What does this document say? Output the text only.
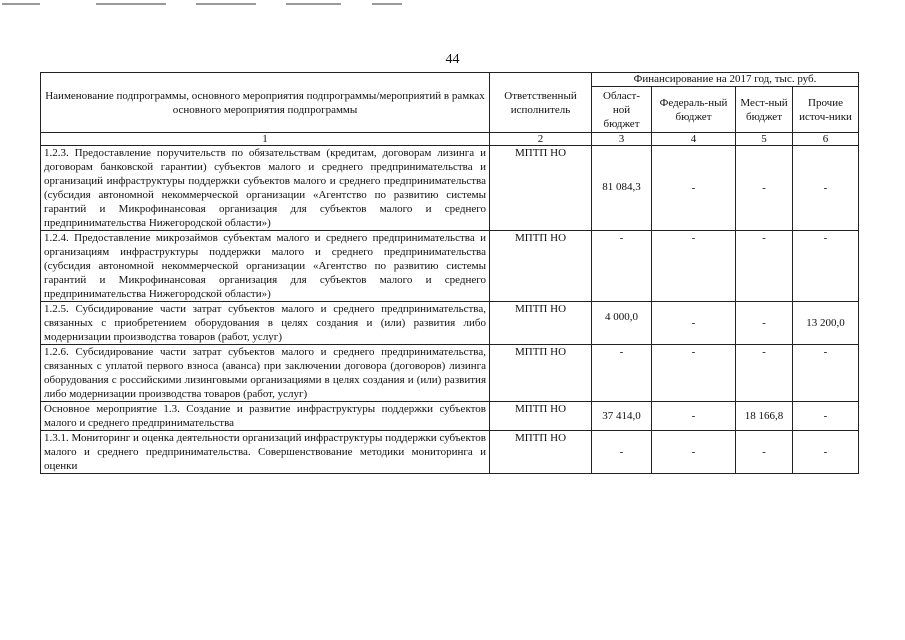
44
Наименование подпрограммы, основного мероприятия подпрограммы/мероприятий в рамках основного мероприятия подпрограммы	Ответственный исполнитель	Финансирование на 2017 год, тыс. руб.			
		Област-ной бюджет	Федераль-ный бюджет	Мест-ный бюджет	Прочие источ-ники
1	2	3	4	5	6
1.2.3. Предоставление поручительств по обязательствам (кредитам, договорам лизинга и договорам банковской гарантии) субъектов малого и среднего предпринимательства и организаций инфраструктуры поддержки субъектов малого и среднего предпринимательства (субсидия автономной некоммерческой организации «Агентство по развитию системы гарантий и Микрофинансовая организация для субъектов малого и среднего предпринимательства Нижегородской области»)	МПТП НО	81 084,3	-	-	-
1.2.4. Предоставление микрозаймов субъектам малого и среднего предпринимательства и организациям инфраструктуры поддержки малого и среднего предпринимательства (субсидия автономной некоммерческой организации «Агентство по развитию системы гарантий и Микрофинансовая организация для субъектов малого и среднего предпринимательства Нижегородской области»)	МПТП НО	-	-	-	-
1.2.5. Субсидирование части затрат субъектов малого и среднего предпринимательства, связанных с приобретением оборудования в целях создания и (или) развития либо модернизации производства товаров (работ, услуг)	МПТП НО	4 000,0	-	-	13 200,0
1.2.6. Субсидирование части затрат субъектов малого и среднего предпринимательства, связанных с уплатой первого взноса (аванса) при заключении договора (договоров) лизинга оборудования с российскими лизинговыми организациями в целях создания и (или) развития либо модернизации производства товаров (работ, услуг)	МПТП НО	-	-	-	-
Основное мероприятие 1.3. Создание и развитие инфраструктуры поддержки субъектов малого и среднего предпринимательства	МПТП НО	37 414,0	-	18 166,8	-
1.3.1. Мониторинг и оценка деятельности организаций инфраструктуры поддержки субъектов малого и среднего предпринимательства. Совершенствование методики мониторинга и оценки	МПТП НО	-	-	-	-
